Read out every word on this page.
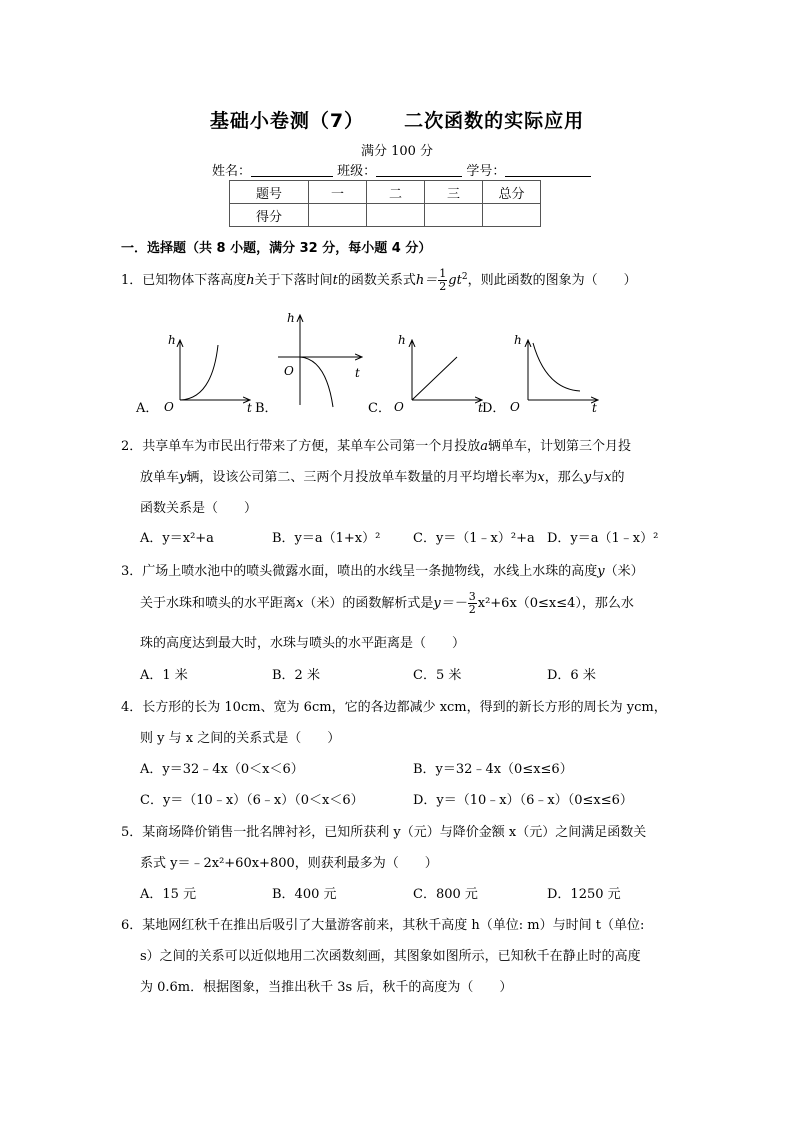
基础小卷测（7） 二次函数的实际应用
满分 100 分
姓名：	班级：	学号：
题号	一	二	三	总分
得分				
一．选择题（共 8 小题，满分 32 分，每小题 4 分）
1．已知物体下落高度h关于下落时间t的函数关系式$h= \frac{1}{2} gt^2$，则此函数的图象为（　　）
h
O	t
A．
h
O	t
B．
h
O	t
C．
h
O	t
D．
2．共享单车为市民出行带来了方便，某单车公司第一个月投放a辆单车，计划第三个月投
放单车y辆，设该公司第二、三两个月投放单车数量的月平均增长率为x，那么y与x的
函数关系是（　　）
A．y＝x²+a	B．y＝a（1+x）²	C．y＝（1﹣x）²+a D．y＝a（1﹣x）²
3．广场上喷水池中的喷头微露水面，喷出的水线呈一条抛物线，水线上水珠的高度y（米）
关于水珠和喷头的水平距离x（米）的函数解析式是$y=- \frac{3}{2} x^2+6x(0\le x\le 4)$，那么水
珠的高度达到最大时，水珠与喷头的水平距离是（　　）
A．1 米	B．2 米	C．5 米	D．6 米
4．长方形的长为 10cm、宽为 6cm，它的各边都减少 xcm，得到的新长方形的周长为 ycm，
则 y 与 x 之间的关系式是（　　）
A．y＝32﹣4x（0＜x＜6）	B．y＝32﹣4x（0≤x≤6）
C．y＝（10﹣x）（6﹣x）（0＜x＜6）	D．y＝（10﹣x）（6﹣x）（0≤x≤6）
5．某商场降价销售一批名牌衬衫，已知所获利 y（元）与降价金额 x（元）之间满足函数关
系式 y＝﹣2x²+60x+800，则获利最多为（　　）
A．15 元	B．400 元	C．800 元	D．1250 元
6．某地网红秋千在推出后吸引了大量游客前来，其秋千高度 h（单位: m）与时间 t（单位:
s）之间的关系可以近似地用二次函数刻画，其图象如图所示，已知秋千在静止时的高度
为 0.6m．根据图象，当推出秋千 3s 后，秋千的高度为（　　）
